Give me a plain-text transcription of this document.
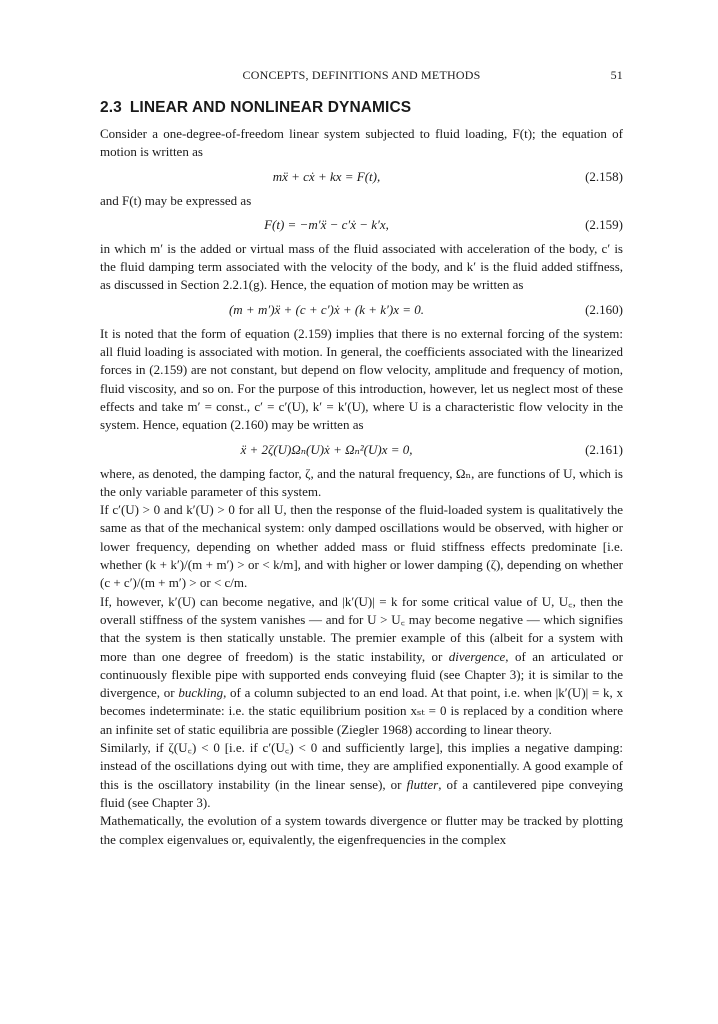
CONCEPTS, DEFINITIONS AND METHODS	51
2.3 LINEAR AND NONLINEAR DYNAMICS

Consider a one-degree-of-freedom linear system subjected to fluid loading, F(t); the equation of motion is written as

mẍ + cẋ + kx = F(t),	(2.158)

and F(t) may be expressed as

F(t) = −m′ẍ − c′ẋ − k′x,	(2.159)

in which m′ is the added or virtual mass of the fluid associated with acceleration of the body, c′ is the fluid damping term associated with the velocity of the body, and k′ is the fluid added stiffness, as discussed in Section 2.2.1(g). Hence, the equation of motion may be written as

(m + m′)ẍ + (c + c′)ẋ + (k + k′)x = 0.	(2.160)

It is noted that the form of equation (2.159) implies that there is no external forcing of the system: all fluid loading is associated with motion. In general, the coefficients associated with the linearized forces in (2.159) are not constant, but depend on flow velocity, amplitude and frequency of motion, fluid viscosity, and so on. For the purpose of this introduction, however, let us neglect most of these effects and take m′ = const., c′ = c′(U), k′ = k′(U), where U is a characteristic flow velocity in the system. Hence, equation (2.160) may be written as

ẍ + 2ζ(U)Ωₙ(U)ẋ + Ωₙ²(U)x = 0,	(2.161)

where, as denoted, the damping factor, ζ, and the natural frequency, Ωₙ, are functions of U, which is the only variable parameter of this system.

If c′(U) > 0 and k′(U) > 0 for all U, then the response of the fluid-loaded system is qualitatively the same as that of the mechanical system: only damped oscillations would be observed, with higher or lower frequency, depending on whether added mass or fluid stiffness effects predominate [i.e. whether (k + k′)/(m + m′) > or < k/m], and with higher or lower damping (ζ), depending on whether (c + c′)/(m + m′) > or < c/m.

If, however, k′(U) can become negative, and |k′(U)| = k for some critical value of U, U꜀, then the overall stiffness of the system vanishes — and for U > U꜀ may become negative — which signifies that the system is then statically unstable. The premier example of this (albeit for a system with more than one degree of freedom) is the static instability, or divergence, of an articulated or continuously flexible pipe with supported ends conveying fluid (see Chapter 3); it is similar to the divergence, or buckling, of a column subjected to an end load. At that point, i.e. when |k′(U)| = k, x becomes indeterminate: i.e. the static equilibrium position xₛₜ = 0 is replaced by a condition where an infinite set of static equilibria are possible (Ziegler 1968) according to linear theory.

Similarly, if ζ(U꜀) < 0 [i.e. if c′(U꜀) < 0 and sufficiently large], this implies a negative damping: instead of the oscillations dying out with time, they are amplified exponentially. A good example of this is the oscillatory instability (in the linear sense), or flutter, of a cantilevered pipe conveying fluid (see Chapter 3).

Mathematically, the evolution of a system towards divergence or flutter may be tracked by plotting the complex eigenvalues or, equivalently, the eigenfrequencies in the complex
